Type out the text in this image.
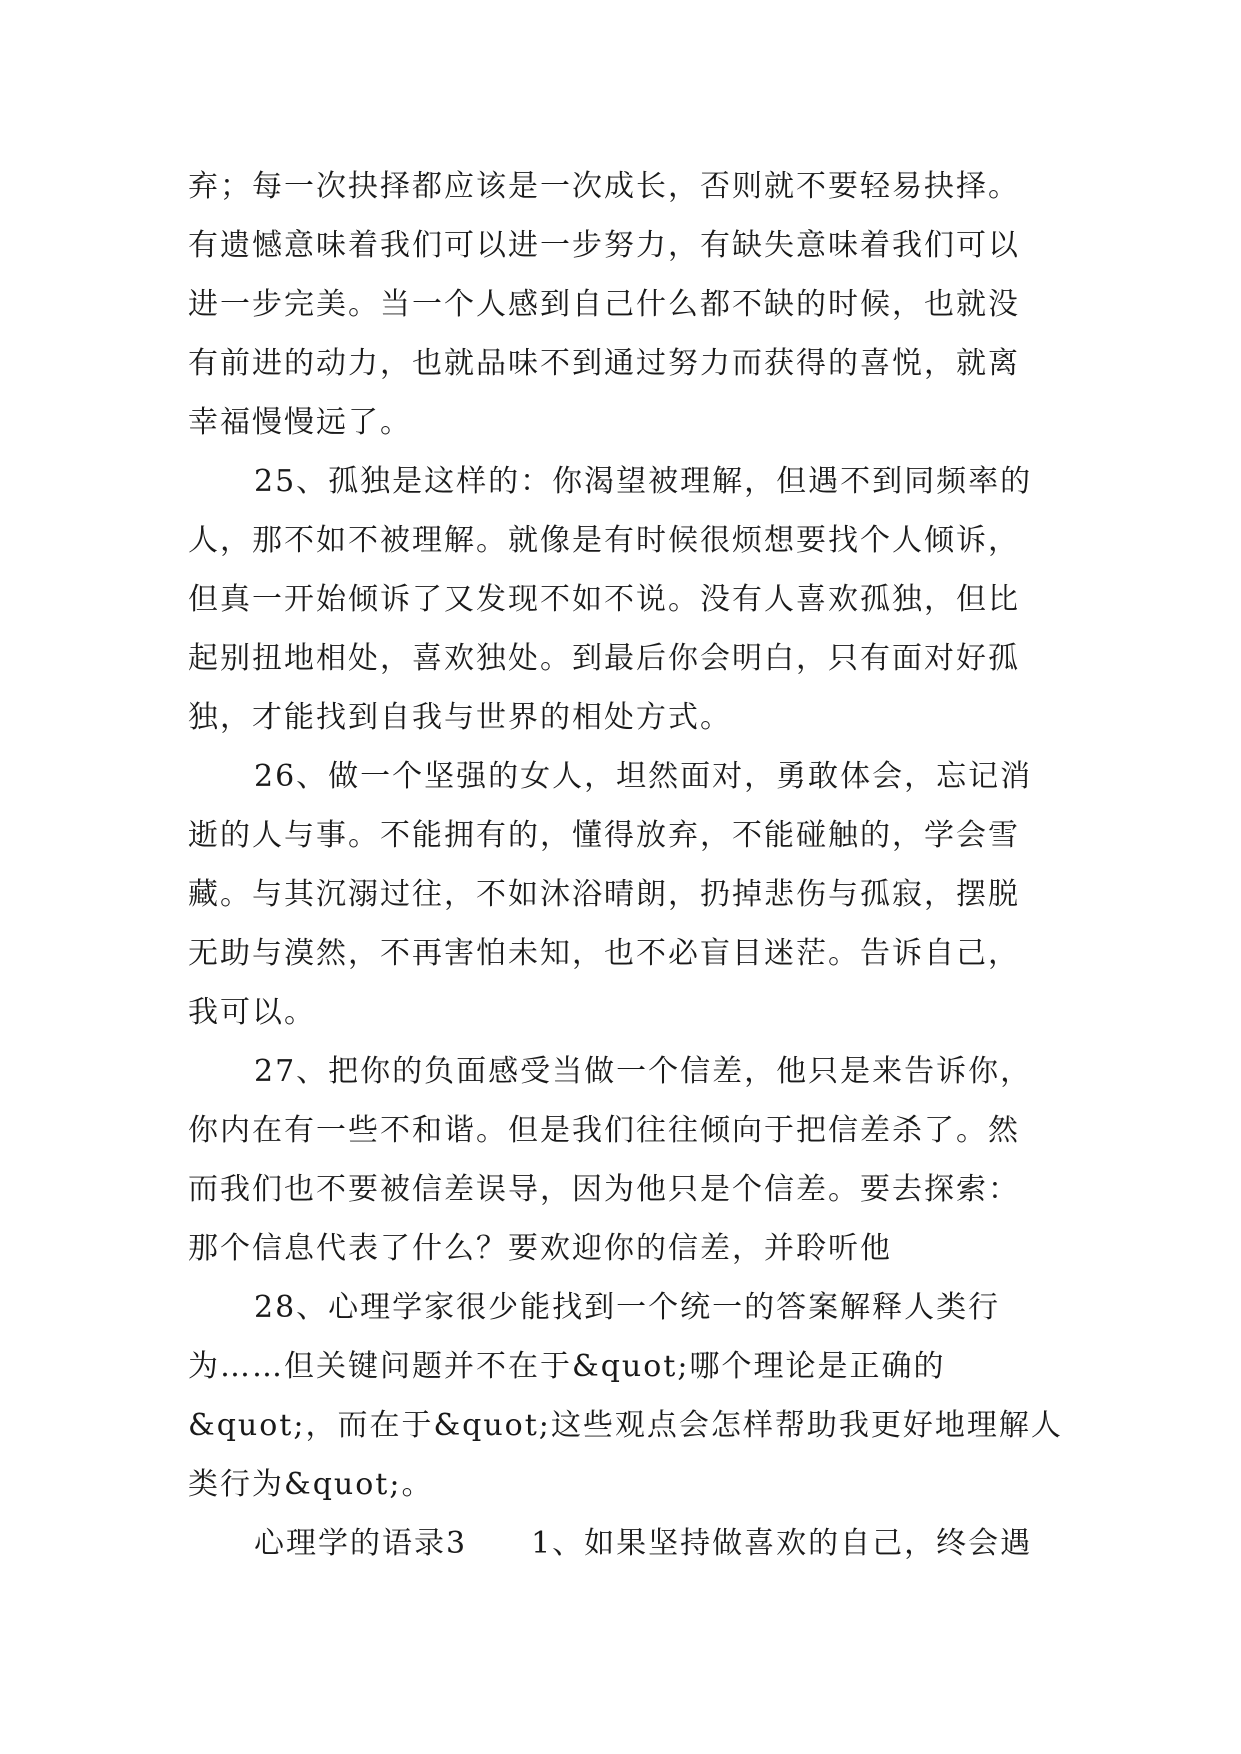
弃；每一次抉择都应该是一次成长，否则就不要轻易抉择。
有遗憾意味着我们可以进一步努力，有缺失意味着我们可以
进一步完美。当一个人感到自己什么都不缺的时候，也就没
有前进的动力，也就品味不到通过努力而获得的喜悦，就离
幸福慢慢远了。
25、孤独是这样的：你渴望被理解，但遇不到同频率的
人，那不如不被理解。就像是有时候很烦想要找个人倾诉，
但真一开始倾诉了又发现不如不说。没有人喜欢孤独，但比
起别扭地相处，喜欢独处。到最后你会明白，只有面对好孤
独，才能找到自我与世界的相处方式。
26、做一个坚强的女人，坦然面对，勇敢体会，忘记消
逝的人与事。不能拥有的，懂得放弃，不能碰触的，学会雪
藏。与其沉溺过往，不如沐浴晴朗，扔掉悲伤与孤寂，摆脱
无助与漠然，不再害怕未知，也不必盲目迷茫。告诉自己，
我可以。
27、把你的负面感受当做一个信差，他只是来告诉你，
你内在有一些不和谐。但是我们往往倾向于把信差杀了。然
而我们也不要被信差误导，因为他只是个信差。要去探索：
那个信息代表了什么？要欢迎你的信差，并聆听他
28、心理学家很少能找到一个统一的答案解释人类行
为……但关键问题并不在于&quot;哪个理论是正确的
&quot;，而在于&quot;这些观点会怎样帮助我更好地理解人
类行为&quot;。
心理学的语录3　　1、如果坚持做喜欢的自己，终会遇
